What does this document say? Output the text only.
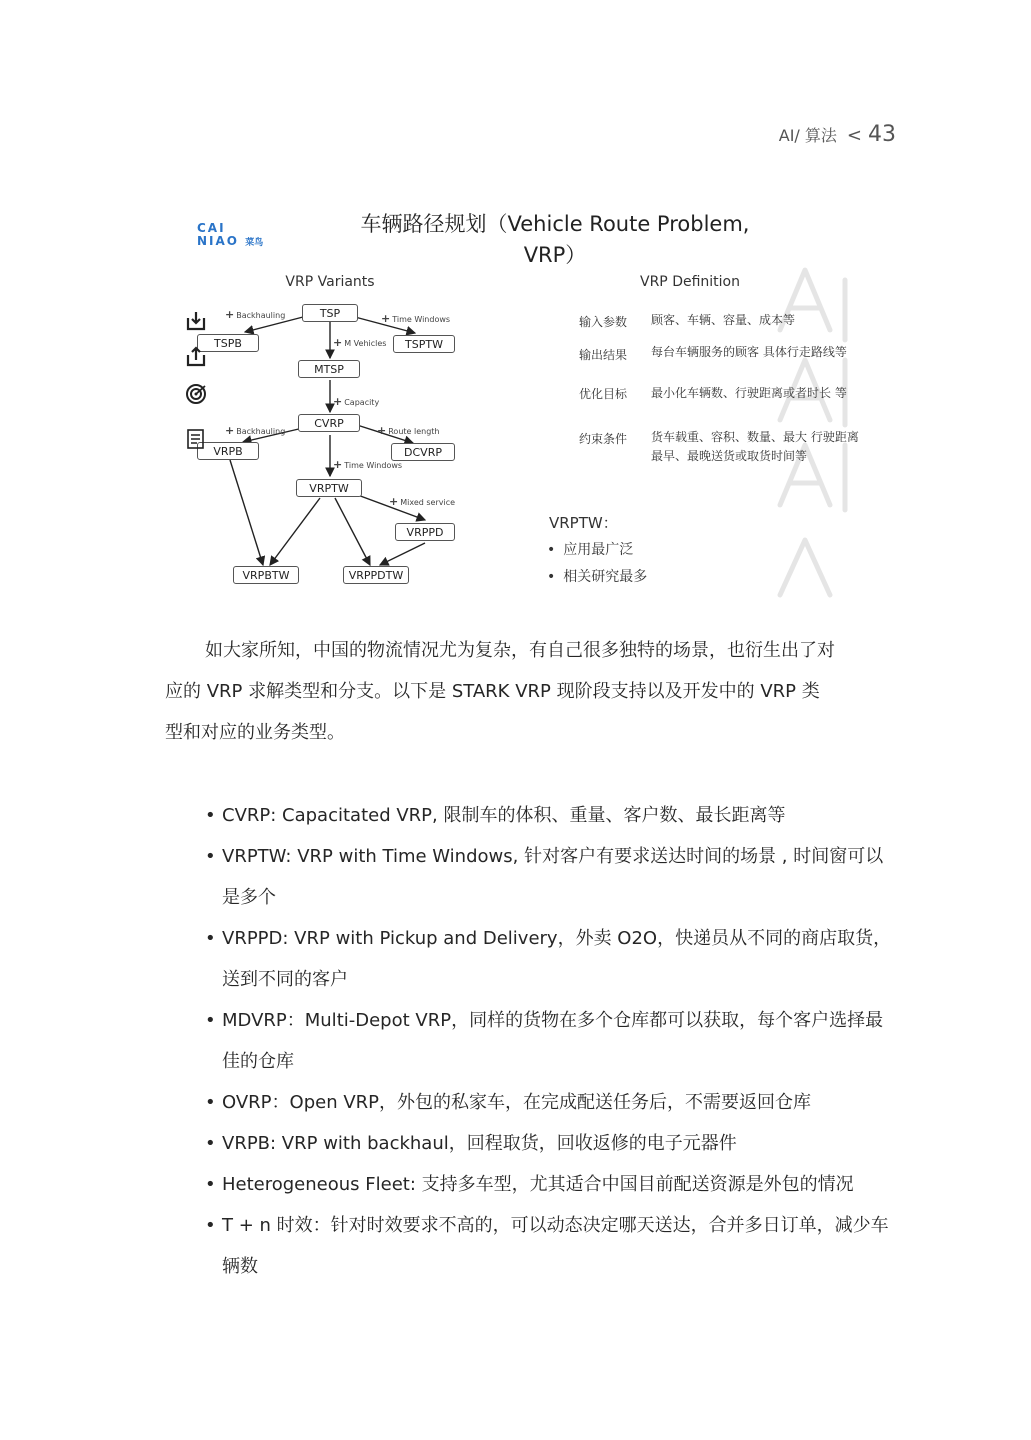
AI/ 算法 < 43
CAI
NIAO 菜鸟
车辆路径规划（Vehicle Route Problem,
VRP）
VRP Variants	VRP Definition
TSP
TSPB	TSPTW
MTSP
CVRP
VRPB	DCVRP
VRPTW
VRPPD
VRPBTW	VRPPDTW
+ Backhauling	+ Time Windows
+ M Vehicles
+ Capacity
+ Backhauling	+ Route length
+ Time Windows
+ Mixed service
输入参数 顾客、车辆、容量、成本等
输出结果 每台车辆服务的顾客 具体行走路线等
优化目标 最小化车辆数、行驶距离或者时长 等
约束条件 货车载重、容积、数量、最大 行驶距离 最早、最晚送货或取货时间等
VRPTW：
• 应用最广泛
• 相关研究最多
如大家所知，中国的物流情况尤为复杂，有自己很多独特的场景，也衍生出了对
应的 VRP 求解类型和分支。以下是 STARK VRP 现阶段支持以及开发中的 VRP 类
型和对应的业务类型。
• CVRP: Capacitated VRP, 限制车的体积、重量、客户数、最长距离等
• VRPTW: VRP with Time Windows, 针对客户有要求送达时间的场景 , 时间窗可以是多个
• VRPPD: VRP with Pickup and Delivery，外卖 O2O，快递员从不同的商店取货，送到不同的客户
• MDVRP：Multi-Depot VRP，同样的货物在多个仓库都可以获取，每个客户选择最佳的仓库
• OVRP：Open VRP，外包的私家车，在完成配送任务后，不需要返回仓库
• VRPB: VRP with backhaul，回程取货，回收返修的电子元器件
• Heterogeneous Fleet: 支持多车型，尤其适合中国目前配送资源是外包的情况
• T + n 时效：针对时效要求不高的，可以动态决定哪天送达，合并多日订单，减少车辆数
